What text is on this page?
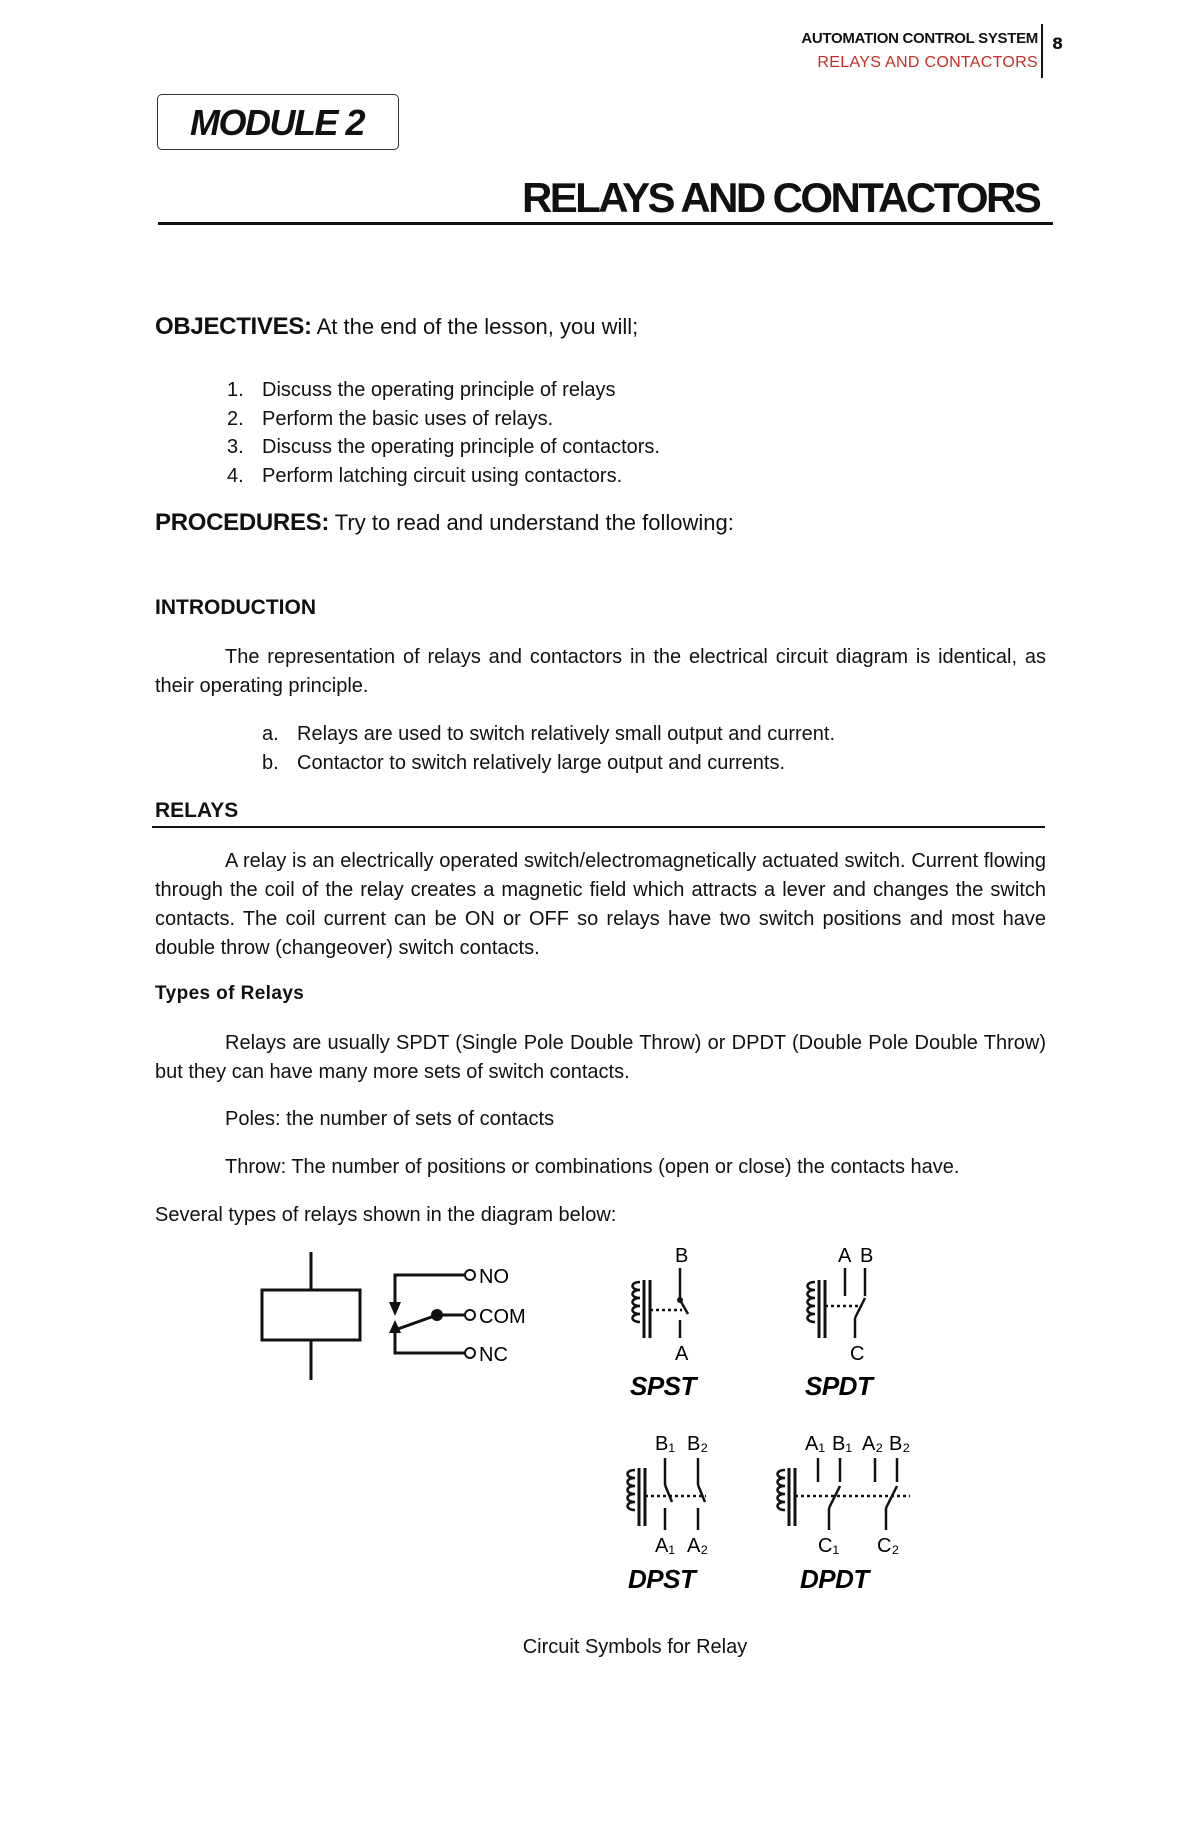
AUTOMATION CONTROL SYSTEM
RELAYS AND CONTACTORS
8
MODULE 2
RELAYS AND CONTACTORS
OBJECTIVES: At the end of the lesson, you will;
1. Discuss the operating principle of relays
2. Perform the basic uses of relays.
3. Discuss the operating principle of contactors.
4. Perform latching circuit using contactors.
PROCEDURES: Try to read and understand the following:
INTRODUCTION
The representation of relays and contactors in the electrical circuit diagram is identical, as their operating principle.
a. Relays are used to switch relatively small output and current.
b. Contactor to switch relatively large output and currents.
RELAYS
A relay is an electrically operated switch/electromagnetically actuated switch. Current flowing through the coil of the relay creates a magnetic field which attracts a lever and changes the switch contacts. The coil current can be ON or OFF so relays have two switch positions and most have double throw (changeover) switch contacts.
Types of Relays
Relays are usually SPDT (Single Pole Double Throw) or DPDT (Double Pole Double Throw) but they can have many more sets of switch contacts.
Poles: the number of sets of contacts
Throw: The number of positions or combinations (open or close) the contacts have.
Several types of relays shown in the diagram below:
NO
COM
NC
B
A
SPST
A B
C
SPDT
B₁ B₂
A₁ A₂
DPST
A₁ B₁ A₂ B₂
C₁ C₂
DPDT
Circuit Symbols for Relay
